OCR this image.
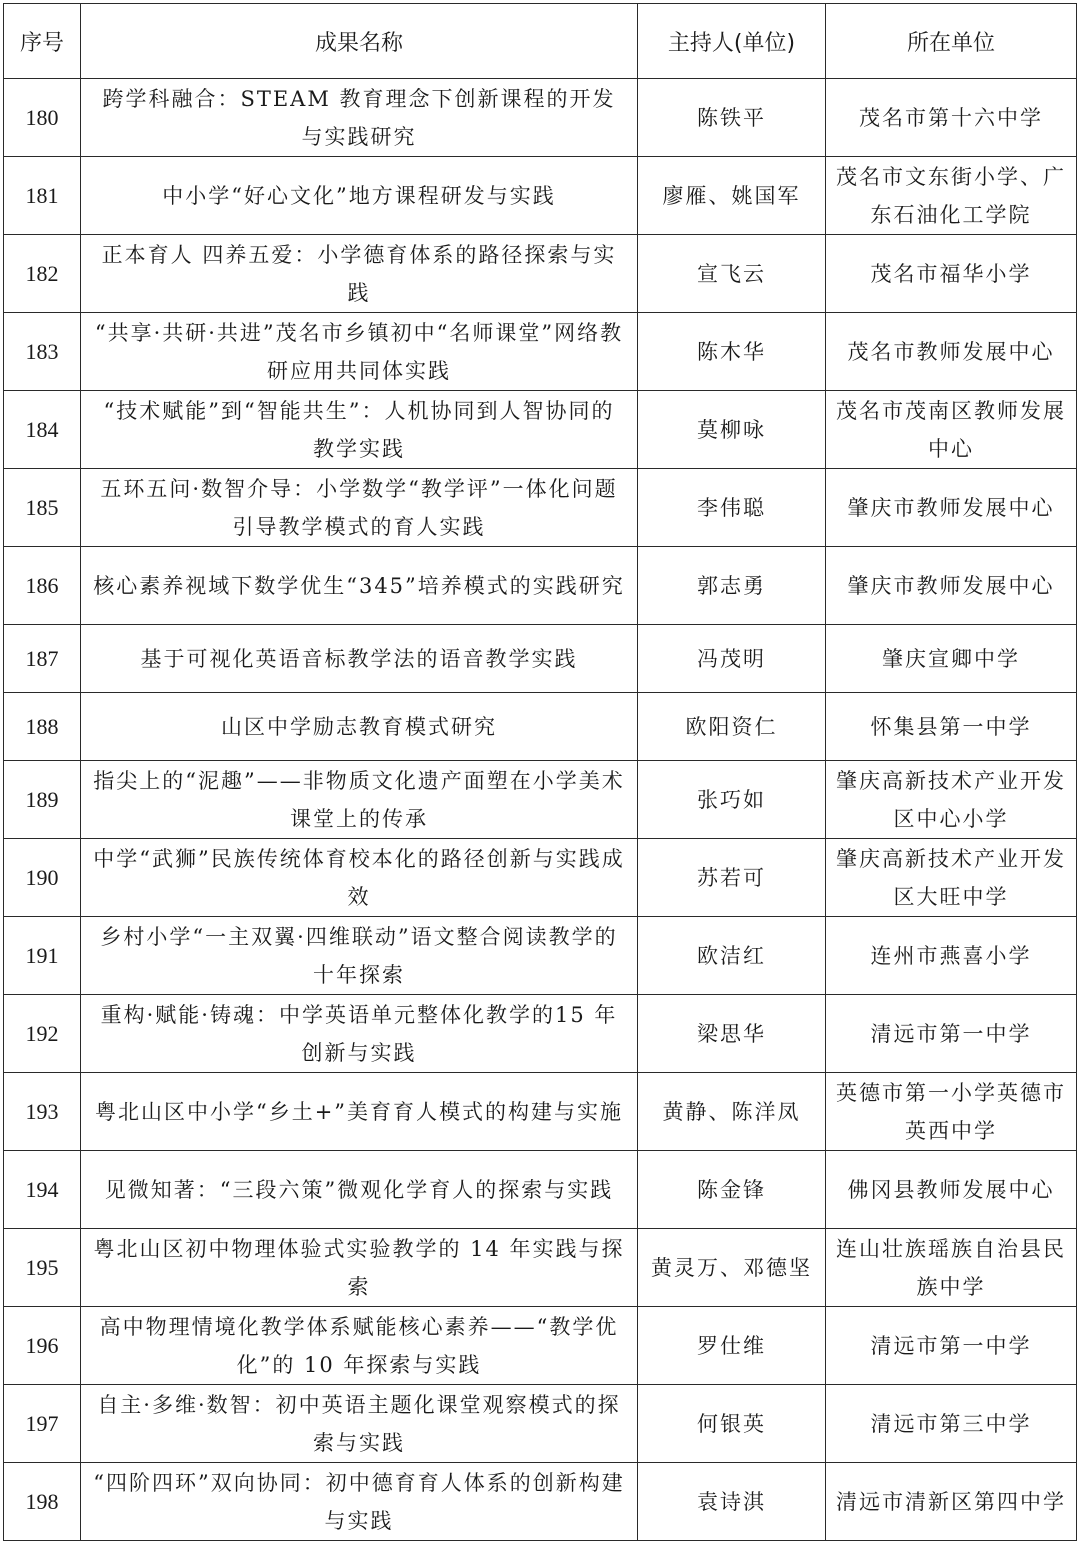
序号	成果名称	主持人(单位)	所在单位
180	跨学科融合：STEAM 教育理念下创新课程的开发与实践研究	陈铁平	茂名市第十六中学
181	中小学“好心文化”地方课程研发与实践	廖雁、姚国军	茂名市文东街小学、广东石油化工学院
182	正本育人 四养五爱：小学德育体系的路径探索与实践	宣飞云	茂名市福华小学
183	“共享·共研·共进”茂名市乡镇初中“名师课堂”网络教研应用共同体实践	陈木华	茂名市教师发展中心
184	“技术赋能”到“智能共生”：人机协同到人智协同的教学实践	莫柳咏	茂名市茂南区教师发展中心
185	五环五问·数智介导：小学数学“教学评”一体化问题引导教学模式的育人实践	李伟聪	肇庆市教师发展中心
186	核心素养视域下数学优生“345”培养模式的实践研究	郭志勇	肇庆市教师发展中心
187	基于可视化英语音标教学法的语音教学实践	冯茂明	肇庆宣卿中学
188	山区中学励志教育模式研究	欧阳资仁	怀集县第一中学
189	指尖上的“泥趣”——非物质文化遗产面塑在小学美术课堂上的传承	张巧如	肇庆高新技术产业开发区中心小学
190	中学“武狮”民族传统体育校本化的路径创新与实践成效	苏若可	肇庆高新技术产业开发区大旺中学
191	乡村小学“一主双翼·四维联动”语文整合阅读教学的十年探索	欧洁红	连州市燕喜小学
192	重构·赋能·铸魂：中学英语单元整体化教学的15 年创新与实践	梁思华	清远市第一中学
193	粤北山区中小学“乡土+”美育育人模式的构建与实施	黄静、陈洋凤	英德市第一小学英德市英西中学
194	见微知著：“三段六策”微观化学育人的探索与实践	陈金锋	佛冈县教师发展中心
195	粤北山区初中物理体验式实验教学的 14 年实践与探索	黄灵万、邓德坚	连山壮族瑶族自治县民族中学
196	高中物理情境化教学体系赋能核心素养——“教学优化”的 10 年探索与实践	罗仕维	清远市第一中学
197	自主·多维·数智：初中英语主题化课堂观察模式的探索与实践	何银英	清远市第三中学
198	“四阶四环”双向协同：初中德育育人体系的创新构建与实践	袁诗淇	清远市清新区第四中学
